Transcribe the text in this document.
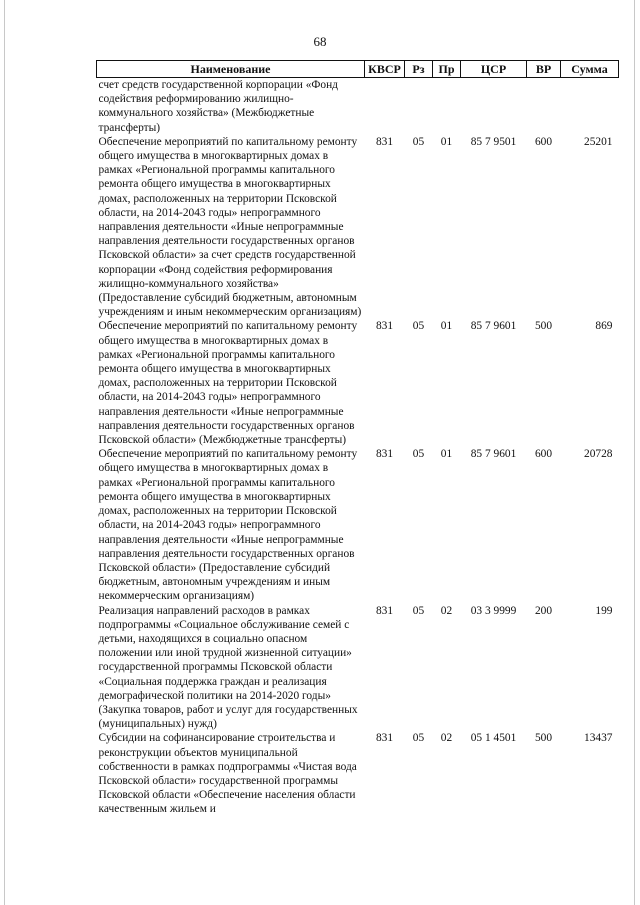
68
Наименование	КВСР	Рз	Пр	ЦСР	ВР	Сумма
счет средств государственной корпорации «Фонд содействия реформированию жилищно-коммунального хозяйства» (Межбюджетные трансферты)						
Обеспечение мероприятий по капитальному ремонту общего имущества в многоквартирных домах в рамках «Региональной программы капитального ремонта общего имущества в многоквартирных домах, расположенных на территории Псковской области, на 2014-2043 годы» непрограммного направления деятельности «Иные непрограммные направления деятельности государственных органов Псковской области» за счет средств государственной корпорации «Фонд содействия реформирования жилищно-коммунального хозяйства» (Предоставление субсидий бюджетным, автономным учреждениям и иным некоммерческим организациям)	831	05	01	85 7 9501	600	25201
Обеспечение мероприятий по капитальному ремонту общего имущества в многоквартирных домах в рамках «Региональной программы капитального ремонта общего имущества в многоквартирных домах, расположенных на территории Псковской области, на 2014-2043 годы» непрограммного направления деятельности «Иные непрограммные направления деятельности государственных органов Псковской области» (Межбюджетные трансферты)	831	05	01	85 7 9601	500	869
Обеспечение мероприятий по капитальному ремонту общего имущества в многоквартирных домах в рамках «Региональной программы капитального ремонта общего имущества в многоквартирных домах, расположенных на территории Псковской области, на 2014-2043 годы» непрограммного направления деятельности «Иные непрограммные направления деятельности государственных органов Псковской области» (Предоставление субсидий бюджетным, автономным учреждениям и иным некоммерческим организациям)	831	05	01	85 7 9601	600	20728
Реализация направлений расходов в рамках подпрограммы «Социальное обслуживание семей с детьми, находящихся в социально опасном положении или иной трудной жизненной ситуации» государственной программы Псковской области «Социальная поддержка граждан и реализация демографической политики на 2014-2020 годы» (Закупка товаров, работ и услуг для государственных (муниципальных) нужд)	831	05	02	03 3 9999	200	199
Субсидии на софинансирование строительства и реконструкции объектов муниципальной собственности в рамках подпрограммы «Чистая вода Псковской области» государственной программы Псковской области «Обеспечение населения области качественным жильем и	831	05	02	05 1 4501	500	13437
